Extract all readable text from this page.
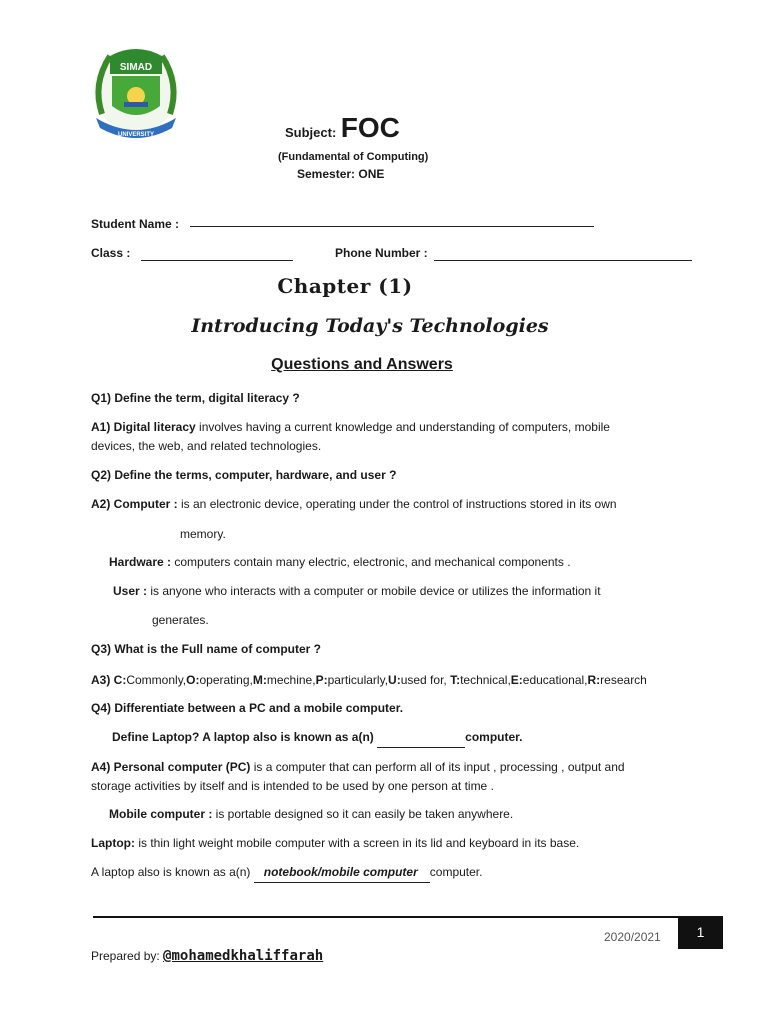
SIMAD
UNIVERSITY	Subject: FOC
(Fundamental of Computing)
Semester: ONE
Student Name :
Class :	Phone Number :
Chapter (1)
Introducing Today's Technologies
Questions and Answers
Q1) Define the term, digital literacy ?
A1) Digital literacy involves having a current knowledge and understanding of computers, mobile
devices, the web, and related technologies.
Q2) Define the terms, computer, hardware, and user ?
A2) Computer : is an electronic device, operating under the control of instructions stored in its own
memory.
Hardware : computers contain many electric, electronic, and mechanical components .
User : is anyone who interacts with a computer or mobile device or utilizes the information it
generates.
Q3) What is the Full name of computer ?
A3) C:Commonly,O:operating,M:mechine,P:particularly,U:used for, T:technical,E:educational,R:research
Q4) Differentiate between a PC and a mobile computer.
Define Laptop? A laptop also is known as a(n)	computer.
A4) Personal computer (PC) is a computer that can perform all of its input , processing , output and
storage activities by itself and is intended to be used by one person at time .
Mobile computer : is portable designed so it can easily be taken anywhere.
Laptop: is thin light weight mobile computer with a screen in its lid and keyboard in its base.
A laptop also is known as a(n) notebook/mobile computer computer.
2020/2021	1
Prepared by: @mohamedkhaliffarah
